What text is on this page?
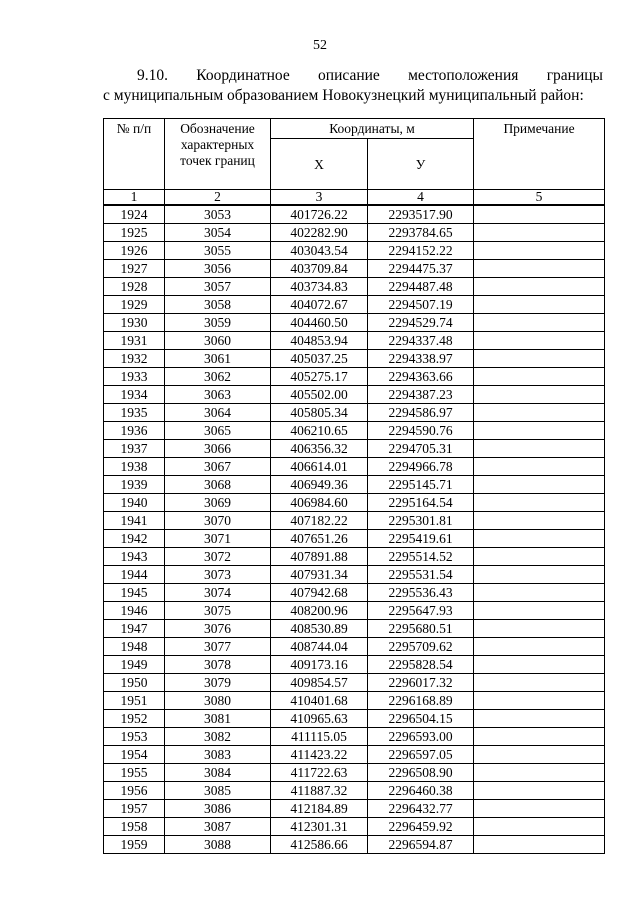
52
9.10. Координатное описание местоположения границы
с муниципальным образованием Новокузнецкий муниципальный район:
№ п/п	Обозначение характерных точек границ	Координаты, м		Примечание
		Х	У	
1	2	3	4	5
1924	3053	401726.22	2293517.90	
1925	3054	402282.90	2293784.65	
1926	3055	403043.54	2294152.22	
1927	3056	403709.84	2294475.37	
1928	3057	403734.83	2294487.48	
1929	3058	404072.67	2294507.19	
1930	3059	404460.50	2294529.74	
1931	3060	404853.94	2294337.48	
1932	3061	405037.25	2294338.97	
1933	3062	405275.17	2294363.66	
1934	3063	405502.00	2294387.23	
1935	3064	405805.34	2294586.97	
1936	3065	406210.65	2294590.76	
1937	3066	406356.32	2294705.31	
1938	3067	406614.01	2294966.78	
1939	3068	406949.36	2295145.71	
1940	3069	406984.60	2295164.54	
1941	3070	407182.22	2295301.81	
1942	3071	407651.26	2295419.61	
1943	3072	407891.88	2295514.52	
1944	3073	407931.34	2295531.54	
1945	3074	407942.68	2295536.43	
1946	3075	408200.96	2295647.93	
1947	3076	408530.89	2295680.51	
1948	3077	408744.04	2295709.62	
1949	3078	409173.16	2295828.54	
1950	3079	409854.57	2296017.32	
1951	3080	410401.68	2296168.89	
1952	3081	410965.63	2296504.15	
1953	3082	411115.05	2296593.00	
1954	3083	411423.22	2296597.05	
1955	3084	411722.63	2296508.90	
1956	3085	411887.32	2296460.38	
1957	3086	412184.89	2296432.77	
1958	3087	412301.31	2296459.92	
1959	3088	412586.66	2296594.87	
